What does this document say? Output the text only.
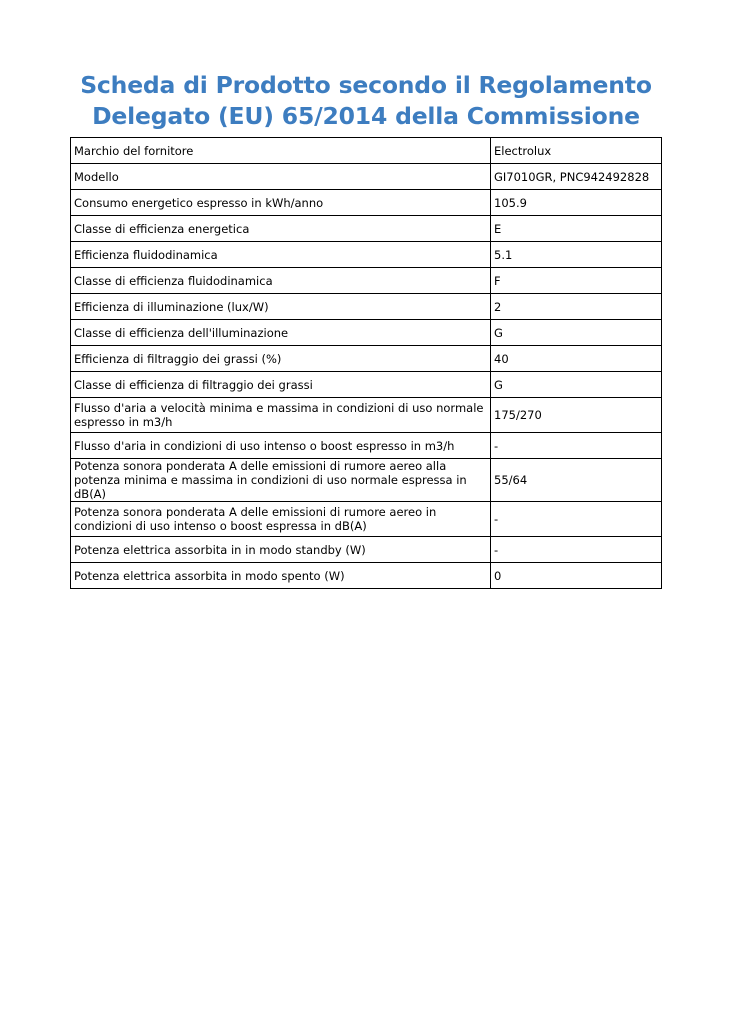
Scheda di Prodotto secondo il Regolamento
Delegato (EU) 65/2014 della Commissione
Marchio del fornitore	Electrolux
Modello	GI7010GR, PNC942492828
Consumo energetico espresso in kWh/anno	105.9
Classe di efficienza energetica	E
Efficienza fluidodinamica	5.1
Classe di efficienza fluidodinamica	F
Efficienza di illuminazione (lux/W)	2
Classe di efficienza dell'illuminazione	G
Efficienza di filtraggio dei grassi (%)	40
Classe di efficienza di filtraggio dei grassi	G
Flusso d'aria a velocità minima e massima in condizioni di uso normale espresso in m3/h	175/270
Flusso d'aria in condizioni di uso intenso o boost espresso in m3/h	-
Potenza sonora ponderata A delle emissioni di rumore aereo alla potenza minima e massima in condizioni di uso normale espressa in dB(A)	55/64
Potenza sonora ponderata A delle emissioni di rumore aereo in condizioni di uso intenso o boost espressa in dB(A)	-
Potenza elettrica assorbita in in modo standby (W)	-
Potenza elettrica assorbita in modo spento (W)	0
